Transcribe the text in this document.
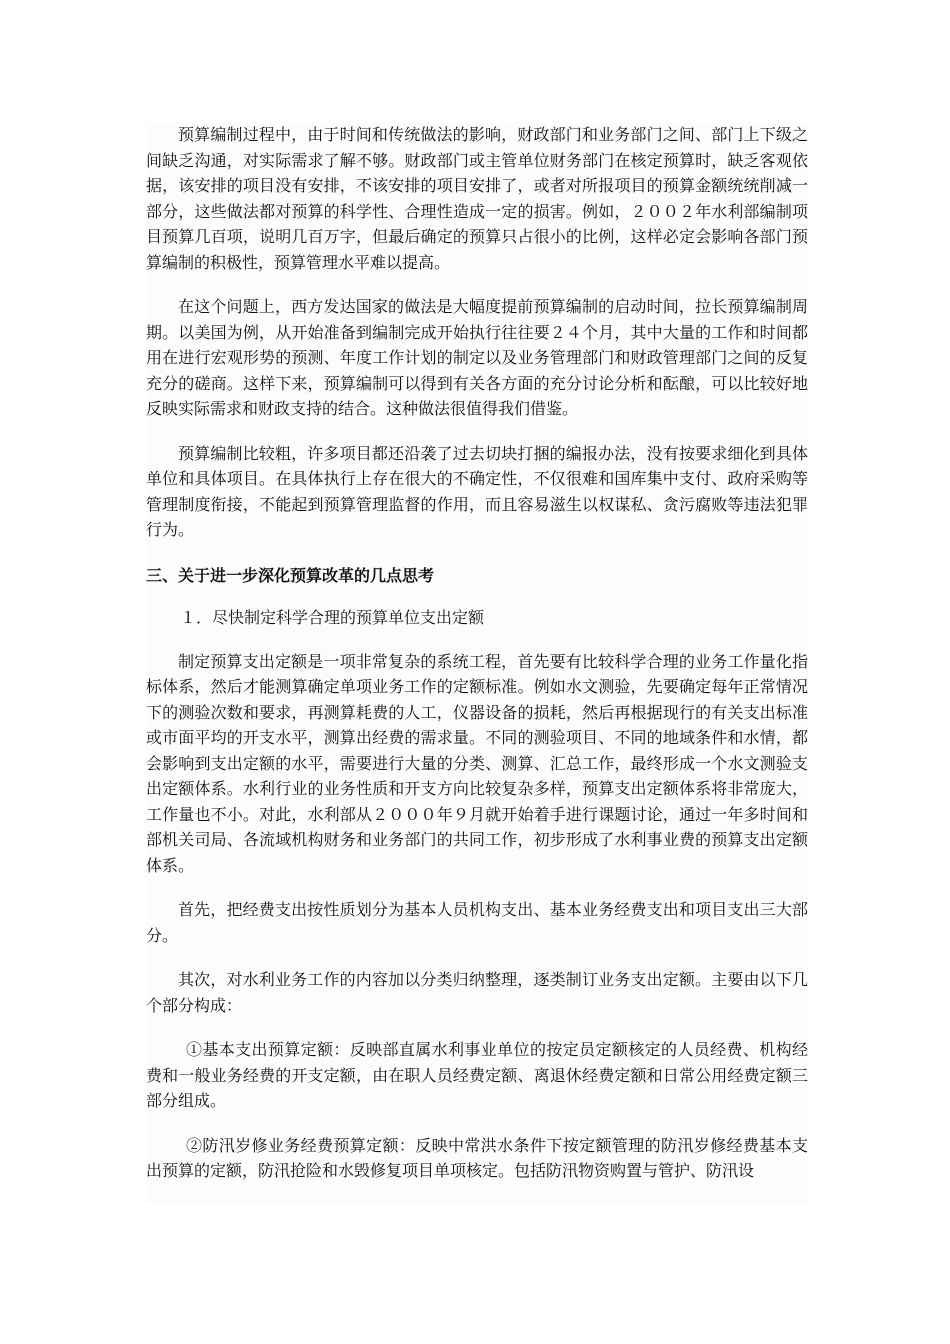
预算编制过程中，由于时间和传统做法的影响，财政部门和业务部门之间、部门上下级之间缺乏沟通，对实际需求了解不够。财政部门或主管单位财务部门在核定预算时，缺乏客观依据，该安排的项目没有安排，不该安排的项目安排了，或者对所报项目的预算金额统统削减一部分，这些做法都对预算的科学性、合理性造成一定的损害。例如，２００２年水利部编制项目预算几百项，说明几百万字，但最后确定的预算只占很小的比例，这样必定会影响各部门预算编制的积极性，预算管理水平难以提高。

在这个问题上，西方发达国家的做法是大幅度提前预算编制的启动时间，拉长预算编制周期。以美国为例，从开始准备到编制完成开始执行往往要２４个月，其中大量的工作和时间都用在进行宏观形势的预测、年度工作计划的制定以及业务管理部门和财政管理部门之间的反复充分的磋商。这样下来，预算编制可以得到有关各方面的充分讨论分析和酝酿，可以比较好地反映实际需求和财政支持的结合。这种做法很值得我们借鉴。

预算编制比较粗，许多项目都还沿袭了过去切块打捆的编报办法，没有按要求细化到具体单位和具体项目。在具体执行上存在很大的不确定性，不仅很难和国库集中支付、政府采购等管理制度衔接，不能起到预算管理监督的作用，而且容易滋生以权谋私、贪污腐败等违法犯罪行为。

三、关于进一步深化预算改革的几点思考

１．尽快制定科学合理的预算单位支出定额

制定预算支出定额是一项非常复杂的系统工程，首先要有比较科学合理的业务工作量化指标体系，然后才能测算确定单项业务工作的定额标准。例如水文测验，先要确定每年正常情况下的测验次数和要求，再测算耗费的人工，仪器设备的损耗，然后再根据现行的有关支出标准或市面平均的开支水平，测算出经费的需求量。不同的测验项目、不同的地域条件和水情，都会影响到支出定额的水平，需要进行大量的分类、测算、汇总工作，最终形成一个水文测验支出定额体系。水利行业的业务性质和开支方向比较复杂多样，预算支出定额体系将非常庞大，工作量也不小。对此，水利部从２０００年９月就开始着手进行课题讨论，通过一年多时间和部机关司局、各流域机构财务和业务部门的共同工作，初步形成了水利事业费的预算支出定额体系。

首先，把经费支出按性质划分为基本人员机构支出、基本业务经费支出和项目支出三大部分。

其次，对水利业务工作的内容加以分类归纳整理，逐类制订业务支出定额。主要由以下几个部分构成：

①基本支出预算定额：反映部直属水利事业单位的按定员定额核定的人员经费、机构经费和一般业务经费的开支定额，由在职人员经费定额、离退休经费定额和日常公用经费定额三部分组成。

②防汛岁修业务经费预算定额：反映中常洪水条件下按定额管理的防汛岁修经费基本支出预算的定额，防汛抢险和水毁修复项目单项核定。包括防汛物资购置与管护、防汛设
